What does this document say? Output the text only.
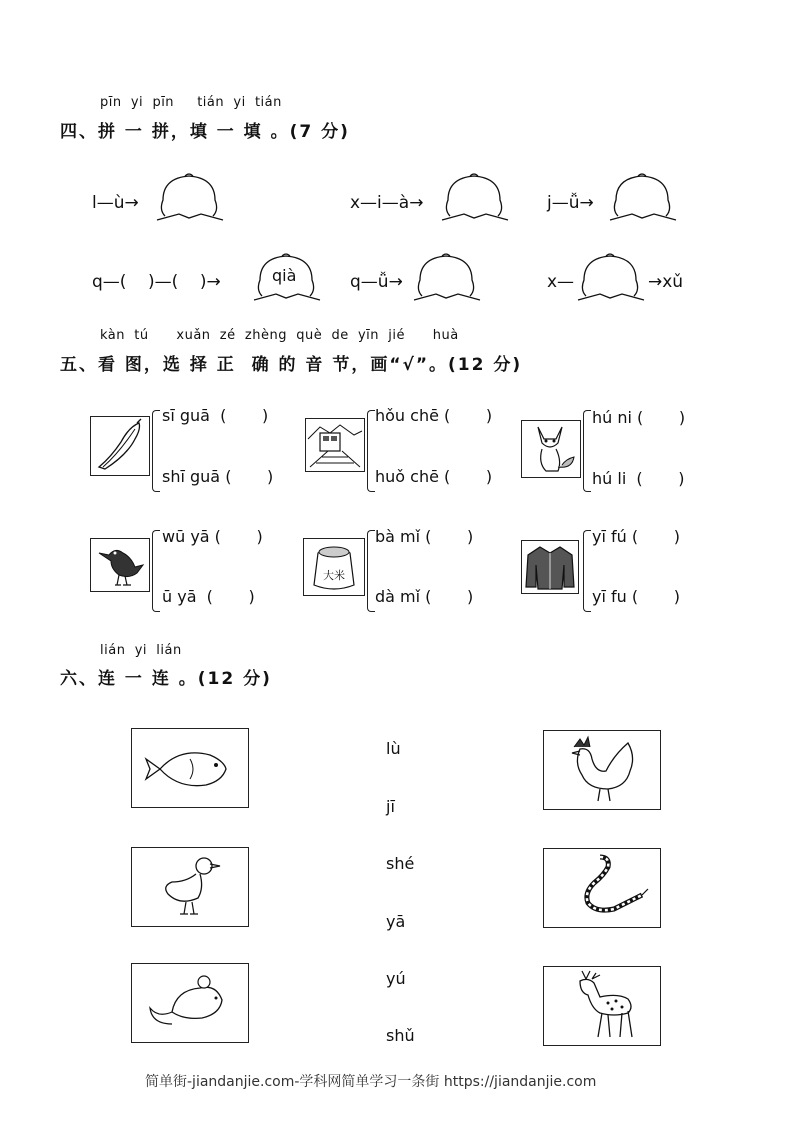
pīn  yi  pīn     tián  yi  tián
四、拼 一 拼，填 一 填 。(7 分)
l—ù→	x—i—à→	j—ǚ→
q—(    )—(    )→	qià	q—ǚ→	x—	→xǔ
kàn  tú      xuǎn  zé  zhèng  què  de  yīn  jié      huà
五、看 图，选 择 正  确 的 音 节，画“√”。(12 分)
sī guā  (       )
shī guā (       )
hǒu chē (       )
huǒ chē (       )
hú ni (       )
hú li  (       )
wū yā (       )
ū yā  (       )
大米
bà mǐ (       )
dà mǐ (       )
yī fú (       )
yī fu (       )
lián  yi  lián
六、连 一 连 。(12 分)
lù
jī
shé
yā
yú
shǔ
简单街-jiandanjie.com-学科网简单学习一条街 https://jiandanjie.com
